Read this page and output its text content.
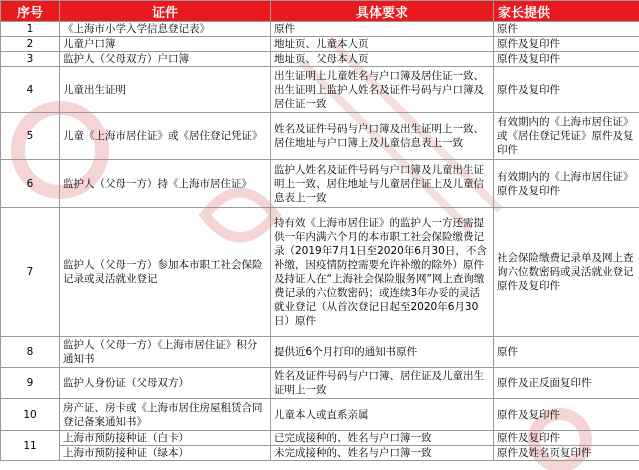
序号	证件	具体要求	家长提供
1	《上海市小学入学信息登记表》	原件	原件
2	儿童户口簿	地址页、儿童本人页	原件及复印件
3	监护人（父母双方）户口簿	地址页、父母本人页	原件及复印件
4	儿童出生证明	出生证明上儿童姓名与户口簿及居住证一致、出生证明上监护人姓名及证件号码与户口簿及居住证一致	原件及复印件
5	儿童《上海市居住证》或《居住登记凭证》	姓名及证件号码与户口簿及出生证明上一致、居住地址与户口簿上及儿童信息表上一致	有效期内的《上海市居住证》或《居住登记凭证》原件及复印件
6	监护人（父母一方）持《上海市居住证》	监护人姓名及证件号码与户口簿及儿童出生证明上一致、居住地址与儿童居住证上及儿童信息表上一致	有效期内的《上海市居住证》原件及复印件
7	监护人（父母一方）参加本市职工社会保险记录或灵活就业登记	持有效《上海市居住证》的监护人一方还需提供一年内满六个月的本市职工社会保险缴费记录（2019年7月1日至2020年6月30日，不含补缴，因疫情防控需要允许补缴的除外）原件及持证人在“上海社会保险服务网”网上查询缴费记录的六位数密码；或连续3年办妥的灵活就业登记（从首次登记日起至2020年6月30日）原件	社会保险缴费记录单及网上查询六位数密码或灵活就业登记原件及复印件
8	监护人（父母一方）《上海市居住证》积分通知书	提供近6个月打印的通知书原件	原件
9	监护人身份证（父母双方）	姓名及证件号码与户口簿、居住证及儿童出生证明上一致	原件及正反面复印件
10	房产证、房卡或《上海市居住房屋租赁合同登记备案通知书》	儿童本人或直系亲属	原件及复印件
11	上海市预防接种证（白卡）	已完成接种的、姓名与户口簿一致	原件及复印件
	上海市预防接种证（绿本）	未完成接种的、姓名与户口簿一致	原件及姓名页复印件
